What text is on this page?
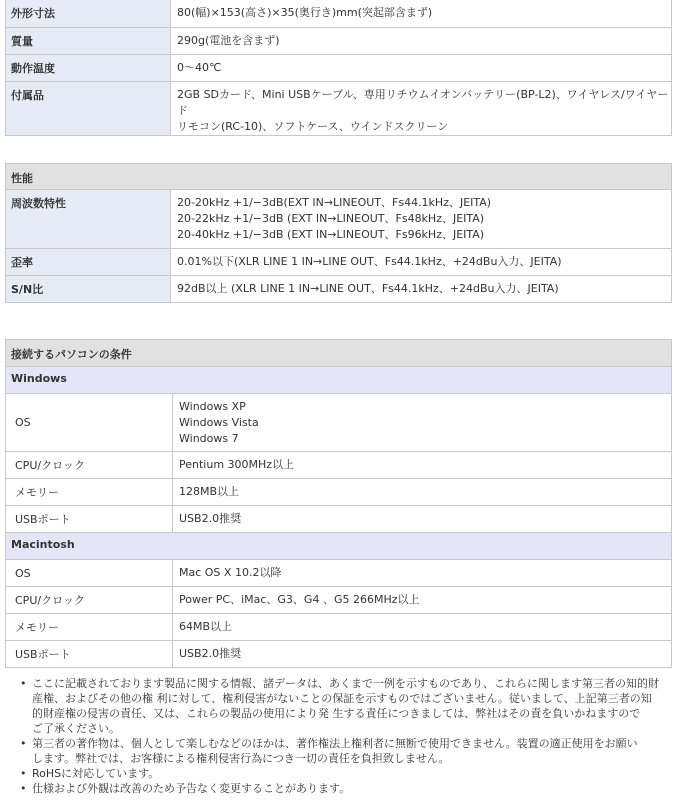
外形寸法	80(幅)×153(高さ)×35(奥行き)mm(突起部含まず)

質量	290g(電池を含まず)

動作温度	0〜40℃

付属品	2GB SDカード、Mini USBケーブル、専用リチウムイオンバッテリー(BP-L2)、ワイヤレス/ワイヤード
リモコン(RC-10)、ソフトケース、ウインドスクリーン
性能	
周波数特性	20-20kHz +1/−3dB(EXT IN→LINEOUT、Fs44.1kHz、JEITA)
20-22kHz +1/−3dB (EXT IN→LINEOUT、Fs48kHz、JEITA)
20-40kHz +1/−3dB (EXT IN→LINEOUT、Fs96kHz、JEITA)

歪率	0.01%以下(XLR LINE 1 IN→LINE OUT、Fs44.1kHz、+24dBu入力、JEITA)

S/N比	92dB以上 (XLR LINE 1 IN→LINE OUT、Fs44.1kHz、+24dBu入力、JEITA)
接続するパソコンの条件	
Windows	
OS	Windows XP
Windows Vista
Windows 7

CPU/クロック	Pentium 300MHz以上
メモリー	128MB以上
USBポート	USB2.0推奨
Macintosh	
OS	Mac OS X 10.2以降
CPU/クロック	Power PC、iMac、G3、G4 、G5 266MHz以上
メモリー	64MB以上
USBポート	USB2.0推奨
• ここに記載されております製品に関する情報、諸データは、あくまで一例を示すものであり、これらに関します第三者の知的財
産権、およびその他の権 利に対して、権利侵害がないことの保証を示すものではございません。従いまして、上記第三者の知
的財産権の侵害の責任、又は、これらの製品の使用により発 生する責任につきましては、弊社はその責を負いかねますので
ご了承ください。
• 第三者の著作物は、個人として楽しむなどのほかは、著作権法上権利者に無断で使用できません。装置の適正使用をお願い
します。弊社では、お客様による権利侵害行為につき一切の責任を負担致しません。
• RoHSに対応しています。
• 仕様および外観は改善のため予告なく変更することがあります。
